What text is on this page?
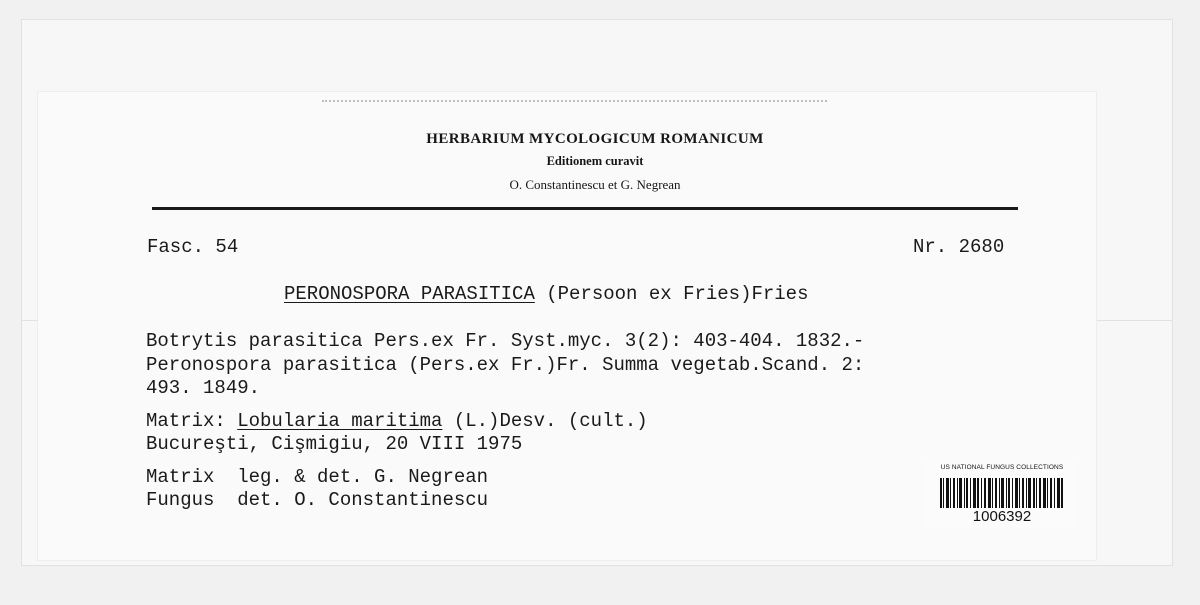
HERBARIUM MYCOLOGICUM ROMANICUM
Editionem curavit
O. Constantinescu et G. Negrean
Fasc. 54	Nr. 2680
PERONOSPORA PARASITICA (Persoon ex Fries)Fries
Botrytis parasitica Pers.ex Fr. Syst.myc. 3(2): 403-404. 1832.-
Peronospora parasitica (Pers.ex Fr.)Fr. Summa vegetab.Scand. 2:
493. 1849.
Matrix: Lobularia maritima (L.)Desv. (cult.)
Bucureşti, Cişmigiu, 20 VIII 1975
Matrix  leg. & det. G. Negrean
Fungus  det. O. Constantinescu
US NATIONAL FUNGUS COLLECTIONS
1006392
